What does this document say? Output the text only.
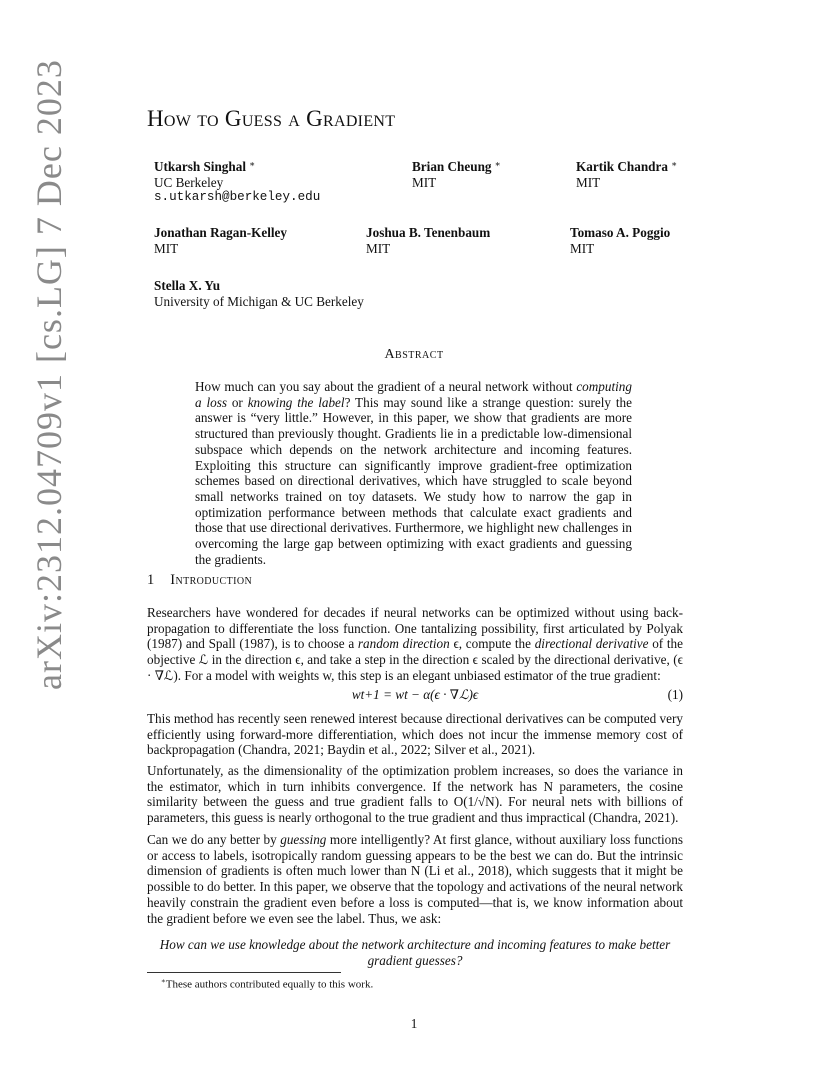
arXiv:2312.04709v1 [cs.LG] 7 Dec 2023	How to Guess a Gradient
Utkarsh Singhal ∗
UC Berkeley
s.utkarsh@berkeley.edu
Brian Cheung ∗
MIT
Kartik Chandra ∗
MIT
Jonathan Ragan-Kelley
MIT
Joshua B. Tenenbaum
MIT
Tomaso A. Poggio
MIT
Stella X. Yu
University of Michigan & UC Berkeley
Abstract
How much can you say about the gradient of a neural network without computing a loss or knowing the label? This may sound like a strange question: surely the answer is “very little.” However, in this paper, we show that gradients are more structured than previously thought. Gradients lie in a predictable low-dimensional subspace which depends on the network architecture and incoming features. Exploiting this structure can significantly improve gradient-free optimization schemes based on directional derivatives, which have struggled to scale beyond small networks trained on toy datasets. We study how to narrow the gap in optimization performance between methods that calculate exact gradients and those that use directional derivatives. Furthermore, we highlight new challenges in overcoming the large gap between optimizing with exact gradients and guessing the gradients.
1 Introduction
Researchers have wondered for decades if neural networks can be optimized without using back-propagation to differentiate the loss function. One tantalizing possibility, first articulated by Polyak (1987) and Spall (1987), is to choose a random direction ϵ, compute the directional derivative of the objective ℒ in the direction ϵ, and take a step in the direction ϵ scaled by the directional derivative, (ϵ · ∇ℒ). For a model with weights w, this step is an elegant unbiased estimator of the true gradient:
wt+1 = wt − α(ϵ · ∇ℒ)ϵ	(1)
This method has recently seen renewed interest because directional derivatives can be computed very efficiently using forward-more differentiation, which does not incur the immense memory cost of backpropagation (Chandra, 2021; Baydin et al., 2022; Silver et al., 2021).
Unfortunately, as the dimensionality of the optimization problem increases, so does the variance in the estimator, which in turn inhibits convergence. If the network has N parameters, the cosine similarity between the guess and true gradient falls to O(1/√N). For neural nets with billions of parameters, this guess is nearly orthogonal to the true gradient and thus impractical (Chandra, 2021).
Can we do any better by guessing more intelligently? At first glance, without auxiliary loss functions or access to labels, isotropically random guessing appears to be the best we can do. But the intrinsic dimension of gradients is often much lower than N (Li et al., 2018), which suggests that it might be possible to do better. In this paper, we observe that the topology and activations of the neural network heavily constrain the gradient even before a loss is computed—that is, we know information about the gradient before we even see the label. Thus, we ask:
How can we use knowledge about the network architecture and incoming features to make better gradient guesses?
∗These authors contributed equally to this work.
1
